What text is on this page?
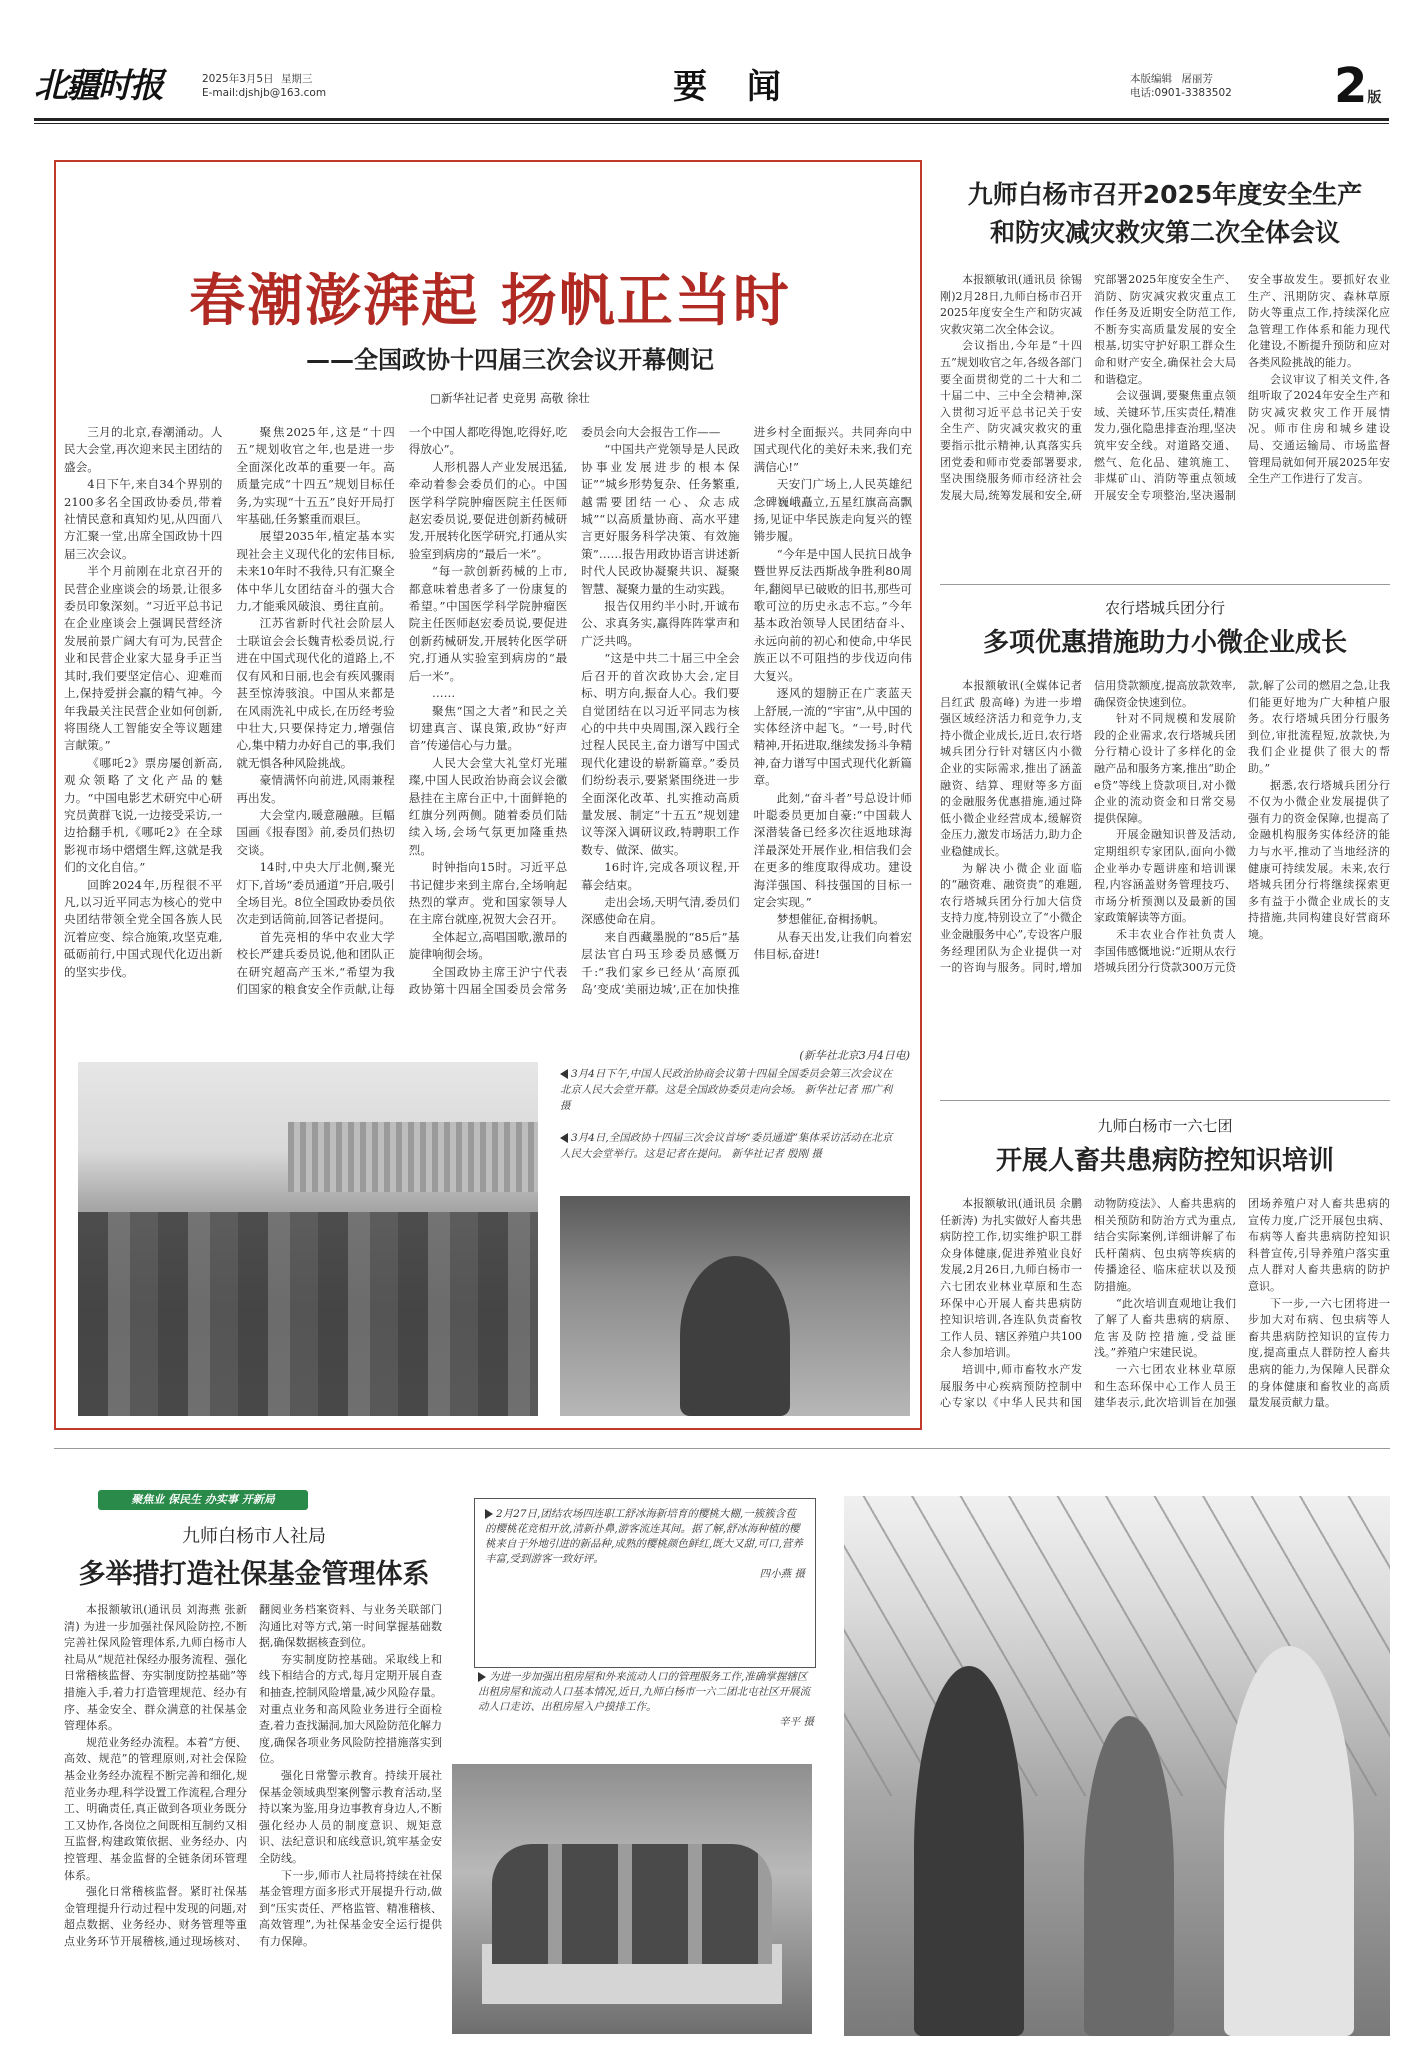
北疆时报	2025年3月5日 星期三
E-mail:djshjb@163.com	要 闻	本版编辑 屠丽芳
电话:0901-3383502 2版
春潮澎湃起 扬帆正当时
——全国政协十四届三次会议开幕侧记
□新华社记者 史竞男 高敬 徐壮

三月的北京,春潮涌动。人民大会堂,再次迎来民主团结的盛会。

4日下午,来自34个界别的2100多名全国政协委员,带着社情民意和真知灼见,从四面八方汇聚一堂,出席全国政协十四届三次会议。

半个月前刚在北京召开的民营企业座谈会的场景,让很多委员印象深刻。“习近平总书记在企业座谈会上强调民营经济发展前景广阔大有可为,民营企业和民营企业家大显身手正当其时,我们要坚定信心、迎难而上,保持爱拼会赢的精气神。今年我最关注民营企业如何创新,将围绕人工智能安全等议题建言献策。”

《哪吒2》票房屡创新高,观众领略了文化产品的魅力。“中国电影艺术研究中心研究员黄群飞说,一边接受采访,一边拾翻手机,《哪吒2》在全球影视市场中熠熠生辉,这就是我们的文化自信。”

回眸2024年,历程很不平凡,以习近平同志为核心的党中央团结带领全党全国各族人民沉着应变、综合施策,攻坚克难,砥砺前行,中国式现代化迈出新的坚实步伐。

聚焦2025年,这是“十四五”规划收官之年,也是进一步全面深化改革的重要一年。高质量完成“十四五”规划目标任务,为实现“十五五”良好开局打牢基础,任务繁重而艰巨。

展望2035年,植定基本实现社会主义现代化的宏伟目标,未来10年时不我待,只有汇聚全体中华儿女团结奋斗的强大合力,才能乘风破浪、勇往直前。

江苏省新时代社会阶层人士联谊会会长魏青松委员说,行进在中国式现代化的道路上,不仅有风和日丽,也会有疾风骤雨甚至惊涛骇浪。中国从来都是在风雨洗礼中成长,在历经考验中壮大,只要保持定力,增强信心,集中精力办好自己的事,我们就无惧各种风险挑战。

豪情满怀向前进,风雨兼程再出发。

大会堂内,暖意融融。巨幅国画《报春图》前,委员们热切交谈。

14时,中央大厅北侧,聚光灯下,首场“委员通道”开启,吸引全场目光。8位全国政协委员依次走到话筒前,回答记者提问。

首先亮相的华中农业大学校长严建兵委员说,他和团队正在研究超高产玉米,“希望为我们国家的粮食安全作贡献,让每一个中国人都吃得饱,吃得好,吃得放心”。

人形机器人产业发展迅猛,牵动着参会委员们的心。中国医学科学院肿瘤医院主任医师赵宏委员说,要促进创新药械研发,开展转化医学研究,打通从实验室到病房的“最后一米”。

“每一款创新药械的上市,都意味着患者多了一份康复的希望。”中国医学科学院肿瘤医院主任医师赵宏委员说,要促进创新药械研发,开展转化医学研究,打通从实验室到病房的“最后一米”。

……

聚焦“国之大者”和民之关切建真言、谋良策,政协“好声音”传递信心与力量。

人民大会堂大礼堂灯光璀璨,中国人民政治协商会议会徽悬挂在主席台正中,十面鲜艳的红旗分列两侧。随着委员们陆续入场,会场气氛更加隆重热烈。

时钟指向15时。习近平总书记健步来到主席台,全场响起热烈的掌声。党和国家领导人在主席台就座,祝贺大会召开。

全体起立,高唱国歌,激昂的旋律响彻会场。

全国政协主席王沪宁代表政协第十四届全国委员会常务委员会向大会报告工作——

“中国共产党领导是人民政协事业发展进步的根本保证”“城乡形势复杂、任务繁重,越需要团结一心、众志成城”“以高质量协商、高水平建言更好服务科学决策、有效施策”……报告用政协语言讲述新时代人民政协凝聚共识、凝聚智慧、凝聚力量的生动实践。

报告仅用约半小时,开诚布公、求真务实,赢得阵阵掌声和广泛共鸣。

“这是中共二十届三中全会后召开的首次政协大会,定目标、明方向,振奋人心。我们要自觉团结在以习近平同志为核心的中共中央周围,深入践行全过程人民民主,奋力谱写中国式现代化建设的崭新篇章。”委员们纷纷表示,要紧紧围绕进一步全面深化改革、扎实推动高质量发展、制定“十五五”规划建议等深入调研议政,特聘职工作数专、做深、做实。

16时许,完成各项议程,开幕会结束。

走出会场,天明气清,委员们深感使命在肩。

来自西藏墨脱的“85后”基层法官白玛玉珍委员感慨万千:“我们家乡已经从‘高原孤岛’变成‘美丽边城’,正在加快推进乡村全面振兴。共同奔向中国式现代化的美好未来,我们充满信心!”

天安门广场上,人民英雄纪念碑巍峨矗立,五星红旗高高飘扬,见证中华民族走向复兴的铿锵步履。

“今年是中国人民抗日战争暨世界反法西斯战争胜利80周年,翻阅早已破败的旧书,那些可歌可泣的历史永志不忘。”今年基本政治领导人民团结奋斗、永远向前的初心和使命,中华民族正以不可阻挡的步伐迈向伟大复兴。

逐风的翅膀正在广袤蓝天上舒展,一流的“宇宙”,从中国的实体经济中起飞。“一号,时代精神,开拓进取,继续发扬斗争精神,奋力谱写中国式现代化新篇章。

此刻,“奋斗者”号总设计师叶聪委员更加自豪:“中国载人深潜装备已经多次往返地球海洋最深处开展作业,相信我们会在更多的维度取得成功。建设海洋强国、科技强国的目标一定会实现。”

梦想催征,奋楫扬帆。

从春天出发,让我们向着宏伟目标,奋进!

(新华社北京3月4日电)
3月4日下午,中国人民政治协商会议第十四届全国委员会第三次会议在北京人民大会堂开幕。这是全国政协委员走向会场。 新华社记者 邢广利 摄
3月4日,全国政协十四届三次会议首场“委员通道”集体采访活动在北京人民大会堂举行。这是记者在提问。 新华社记者 殷刚 摄
九师白杨市召开2025年度安全生产
和防灾减灾救灾第二次全体会议

本报额敏讯(通讯员 徐锡刚)2月28日,九师白杨市召开2025年度安全生产和防灾减灾救灾第二次全体会议。

会议指出,今年是“十四五”规划收官之年,各级各部门要全面贯彻党的二十大和二十届二中、三中全会精神,深入贯彻习近平总书记关于安全生产、防灾减灾救灾的重要指示批示精神,认真落实兵团党委和师市党委部署要求,坚决围绕服务师市经济社会发展大局,统筹发展和安全,研究部署2025年度安全生产、消防、防灾减灾救灾重点工作任务及近期安全防范工作,不断夯实高质量发展的安全根基,切实守护好职工群众生命和财产安全,确保社会大局和谐稳定。

会议强调,要聚焦重点领域、关键环节,压实责任,精准发力,强化隐患排查治理,坚决筑牢安全线。对道路交通、燃气、危化品、建筑施工、非煤矿山、消防等重点领域开展安全专项整治,坚决遏制安全事故发生。要抓好农业生产、汛期防灾、森林草原防火等重点工作,持续深化应急管理工作体系和能力现代化建设,不断提升预防和应对各类风险挑战的能力。

会议审议了相关文件,各组听取了2024年安全生产和防灾减灾救灾工作开展情况。师市住房和城乡建设局、交通运输局、市场监督管理局就如何开展2025年安全生产工作进行了发言。

农行塔城兵团分行
多项优惠措施助力小微企业成长

本报额敏讯(全媒体记者 吕红武 殷高峰) 为进一步增强区域经济活力和竞争力,支持小微企业成长,近日,农行塔城兵团分行针对辖区内小微企业的实际需求,推出了涵盖融资、结算、理财等多方面的金融服务优惠措施,通过降低小微企业经营成本,缓解资金压力,激发市场活力,助力企业稳健成长。

为解决小微企业面临的“融资难、融资贵”的难题,农行塔城兵团分行加大信贷支持力度,特别设立了“小微企业金融服务中心”,专设客户服务经理团队为企业提供一对一的咨询与服务。同时,增加信用贷款额度,提高放款效率,确保资金快速到位。

针对不同规模和发展阶段的企业需求,农行塔城兵团分行精心设计了多样化的金融产品和服务方案,推出“助企e贷”等线上贷款项目,对小微企业的流动资金和日常交易提供保障。

开展金融知识普及活动,定期组织专家团队,面向小微企业举办专题讲座和培训课程,内容涵盖财务管理技巧、市场分析预测以及最新的国家政策解读等方面。

禾丰农业合作社负责人李国伟感慨地说:“近期从农行塔城兵团分行贷款300万元贷款,解了公司的燃眉之急,让我们能更好地为广大种植户服务。农行塔城兵团分行服务到位,审批流程短,放款快,为我们企业提供了很大的帮助。”

据悉,农行塔城兵团分行不仅为小微企业发展提供了强有力的资金保障,也提高了金融机构服务实体经济的能力与水平,推动了当地经济的健康可持续发展。未来,农行塔城兵团分行将继续探索更多有益于小微企业成长的支持措施,共同构建良好营商环境。

九师白杨市一六七团
开展人畜共患病防控知识培训

本报额敏讯(通讯员 余鹏 任新涛) 为扎实做好人畜共患病防控工作,切实维护职工群众身体健康,促进养殖业良好发展,2月26日,九师白杨市一六七团农业林业草原和生态环保中心开展人畜共患病防控知识培训,各连队负责畜牧工作人员、辖区养殖户共100余人参加培训。

培训中,师市畜牧水产发展服务中心疾病预防控制中心专家以《中华人民共和国动物防疫法》、人畜共患病的相关预防和防治方式为重点,结合实际案例,详细讲解了布氏杆菌病、包虫病等疾病的传播途径、临床症状以及预防措施。

“此次培训直观地让我们了解了人畜共患病的病原、危害及防控措施,受益匪浅。”养殖户宋建民说。

一六七团农业林业草原和生态环保中心工作人员王建华表示,此次培训旨在加强团场养殖户对人畜共患病的宣传力度,广泛开展包虫病、布病等人畜共患病防控知识科普宣传,引导养殖户落实重点人群对人畜共患病的防护意识。

下一步,一六七团将进一步加大对布病、包虫病等人畜共患病防控知识的宣传力度,提高重点人群防控人畜共患病的能力,为保障人民群众的身体健康和畜牧业的高质量发展贡献力量。

聚焦业 保民生 办实事 开新局
九师白杨市人社局
多举措打造社保基金管理体系

本报额敏讯(通讯员 刘海燕 张新清) 为进一步加强社保风险防控,不断完善社保风险管理体系,九师白杨市人社局从“规范社保经办服务流程、强化日常稽核监督、夯实制度防控基础”等措施入手,着力打造管理规范、经办有序、基金安全、群众满意的社保基金管理体系。

规范业务经办流程。本着“方便、高效、规范”的管理原则,对社会保险基金业务经办流程不断完善和细化,规范业务办理,科学设置工作流程,合理分工、明确责任,真正做到各项业务既分工又协作,各岗位之间既相互制约又相互监督,构建政策依据、业务经办、内控管理、基金监督的全链条闭环管理体系。

强化日常稽核监督。紧盯社保基金管理提升行动过程中发现的问题,对超点数据、业务经办、财务管理等重点业务环节开展稽核,通过现场核对、翻阅业务档案资料、与业务关联部门沟通比对等方式,第一时间掌握基础数据,确保数据核查到位。

夯实制度防控基础。采取线上和线下相结合的方式,每月定期开展自查和抽查,控制风险增量,减少风险存量。对重点业务和高风险业务进行全面检查,着力查找漏洞,加大风险防范化解力度,确保各项业务风险防控措施落实到位。

强化日常警示教育。持续开展社保基金领域典型案例警示教育活动,坚持以案为鉴,用身边事教育身边人,不断强化经办人员的制度意识、规矩意识、法纪意识和底线意识,筑牢基金安全防线。

下一步,师市人社局将持续在社保基金管理方面多形式开展提升行动,做到“压实责任、严格监管、精准稽核、高效管理”,为社保基金安全运行提供有力保障。

2月27日,团结农场四连职工舒冰海新培育的樱桃大棚,一簇簇含苞的樱桃花竞相开放,清新扑鼻,游客流连其间。据了解,舒冰海种植的樱桃来自于外地引进的新品种,成熟的樱桃颜色鲜红,既大又甜,可口,营养丰富,受到游客一致好评。
四小燕 摄
为进一步加强出租房屋和外来流动人口的管理服务工作,准确掌握辖区出租房屋和流动人口基本情况,近日,九师白杨市一六二团北屯社区开展流动人口走访、出租房屋入户摸排工作。
辛平 摄
